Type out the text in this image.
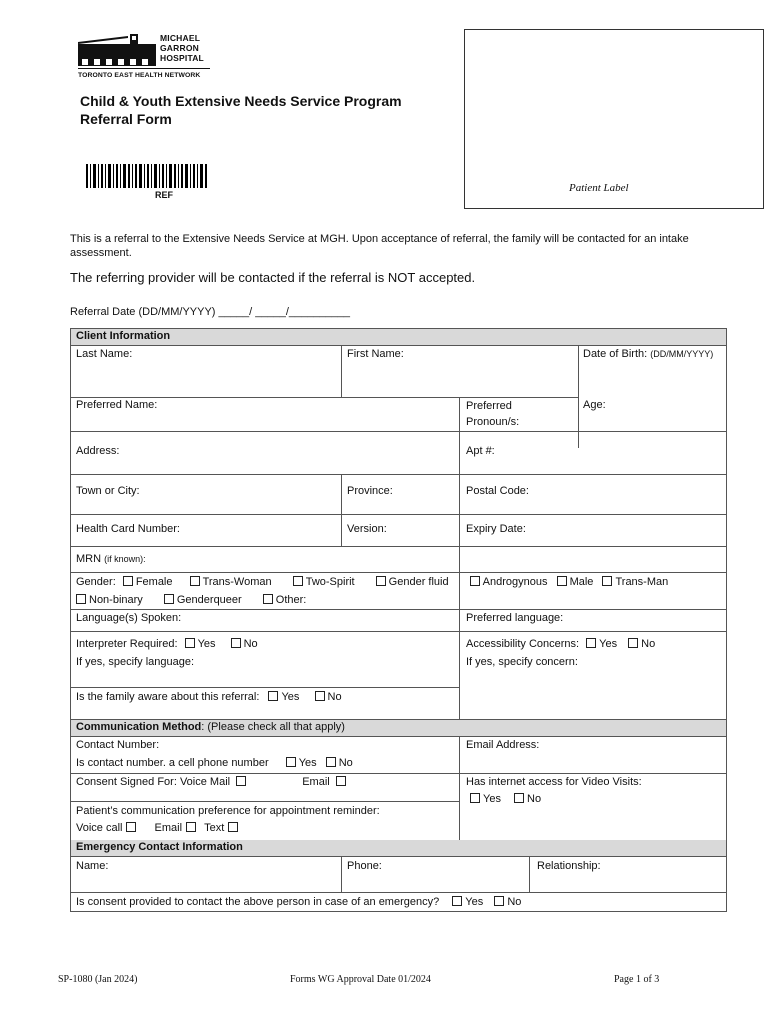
MICHAEL
GARRON
HOSPITAL
TORONTO EAST HEALTH NETWORK
Child & Youth Extensive Needs Service Program
Referral Form
REF
Patient Label
This is a referral to the Extensive Needs Service at MGH. Upon acceptance of referral, the family will be contacted for an intake assessment.
The referring provider will be contacted if the referral is NOT accepted.
Referral Date (DD/MM/YYYY) _____/ _____/__________
Client Information
Last Name:	First Name:	Date of Birth: (DD/MM/YYYY)
Preferred Name:	Preferred
Pronoun/s:
Age:
Address:	Apt #:
Town or City:	Province:	Postal Code:
Health Card Number:	Version:	Expiry Date:
MRN (if known):
Gender: Female	Trans-Woman	Two-Spirit	Gender fluid	Androgynous Male Trans-Man
Non-binary	Genderqueer	Other:
Language(s) Spoken:	Preferred language:
Interpreter Required: Yes	No
If yes, specify language:
Accessibility Concerns: Yes No
If yes, specify concern:
Is the family aware about this referral: Yes	No
Communication Method: (Please check all that apply)
Contact Number:
Is contact number. a cell phone number	Yes No
Email Address:
Consent Signed For: Voice Mail	Email	Has internet access for Video Visits:
Yes No
Patient’s communication preference for appointment reminder:
Voice call	Email Text
Emergency Contact Information
Name:	Phone:	Relationship:
Is consent provided to contact the above person in case of an emergency? Yes No
SP-1080 (Jan 2024)	Forms WG Approval Date 01/2024	Page 1 of 3
